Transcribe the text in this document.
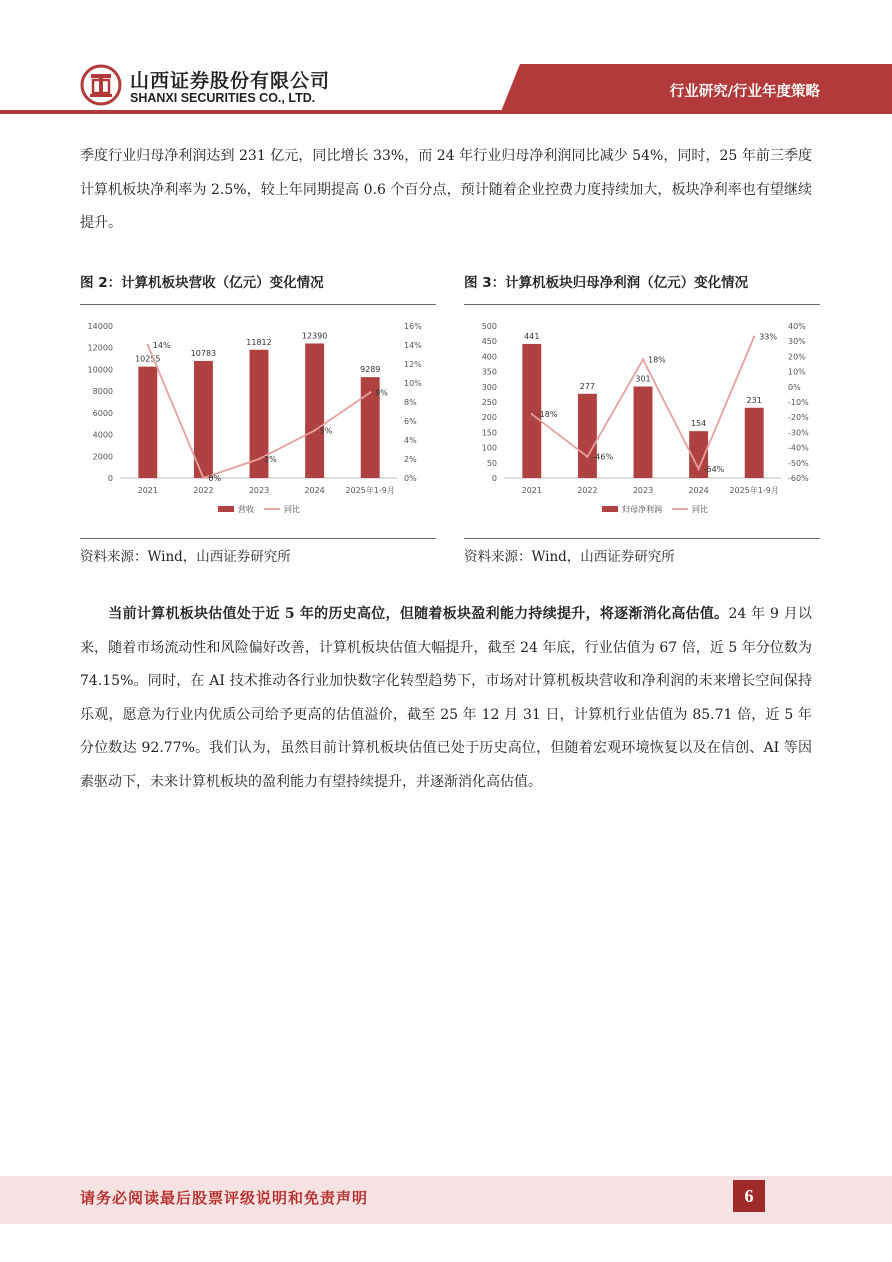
山西证券股份有限公司
SHANXI SECURITIES CO., LTD.	行业研究/行业年度策略

季度行业归母净利润达到 231 亿元，同比增长 33%，而 24 年行业归母净利润同比减少 54%，同时，25 年前三季度计算机板块净利率为 2.5%，较上年同期提高 0.6 个百分点，预计随着企业控费力度持续加大，板块净利率也有望继续提升。

图 2：计算机板块营收（亿元）变化情况	图 3：计算机板块归母净利润（亿元）变化情况
0
2000
4000
6000
8000
10000
12000
14000
0%
2%
4%
6%
8%
10%
12%
14%
16%
10255
10783
11812
12390
9289
2021	2022	2023	2024	2025年1-9月
14%
0%
2%
5%
9%
营收	同比
0
50
100
150
200
250
300
350
400
450
500
-60%
-50%
-40%
-30%
-20%
-10%
0%
10%
20%
30%
40%
441
277
301
154
231
2021	2022	2023	2024	2025年1-9月
-18%
-46%
18%
-54%
33%
归母净利润	同比
资料来源：Wind，山西证券研究所	资料来源：Wind，山西证券研究所

当前计算机板块估值处于近 5 年的历史高位，但随着板块盈利能力持续提升，将逐渐消化高估值。24 年 9 月以来，随着市场流动性和风险偏好改善，计算机板块估值大幅提升，截至 24 年底，行业估值为 67 倍，近 5 年分位数为 74.15%。同时，在 AI 技术推动各行业加快数字化转型趋势下，市场对计算机板块营收和净利润的未来增长空间保持乐观，愿意为行业内优质公司给予更高的估值溢价，截至 25 年 12 月 31 日，计算机行业估值为 85.71 倍，近 5 年分位数达 92.77%。我们认为，虽然目前计算机板块估值已处于历史高位，但随着宏观环境恢复以及在信创、AI 等因素驱动下，未来计算机板块的盈利能力有望持续提升，并逐渐消化高估值。

请务必阅读最后股票评级说明和免责声明	6
